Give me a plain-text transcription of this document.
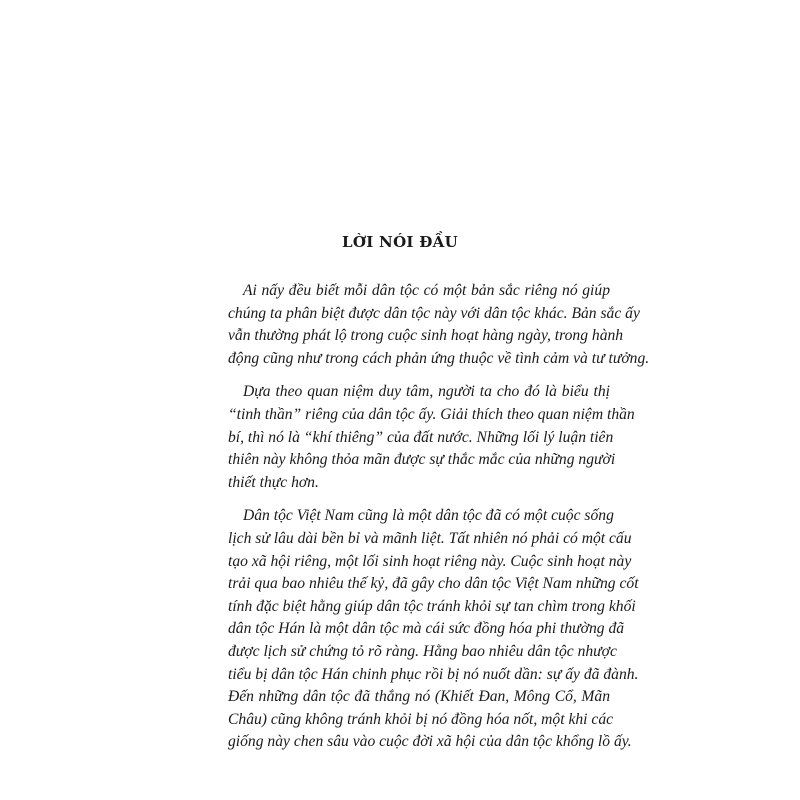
LỜI NÓI ĐẦU

Ai nấy đều biết mỗi dân tộc có một bản sắc riêng nó giúp
chúng ta phân biệt được dân tộc này với dân tộc khác. Bản sắc ấy
vẫn thường phát lộ trong cuộc sinh hoạt hàng ngày, trong hành
động cũng như trong cách phản ứng thuộc về tình cảm và tư tưởng.

Dựa theo quan niệm duy tâm, người ta cho đó là biểu thị
“tinh thần” riêng của dân tộc ấy. Giải thích theo quan niệm thần
bí, thì nó là “khí thiêng” của đất nước. Những lối lý luận tiên
thiên này không thỏa mãn được sự thắc mắc của những người
thiết thực hơn.

Dân tộc Việt Nam cũng là một dân tộc đã có một cuộc sống
lịch sử lâu dài bền bỉ và mãnh liệt. Tất nhiên nó phải có một cấu
tạo xã hội riêng, một lối sinh hoạt riêng này. Cuộc sinh hoạt này
trải qua bao nhiêu thế kỷ, đã gây cho dân tộc Việt Nam những cốt
tính đặc biệt hằng giúp dân tộc tránh khỏi sự tan chìm trong khối
dân tộc Hán là một dân tộc mà cái sức đồng hóa phi thường đã
được lịch sử chứng tỏ rõ ràng. Hằng bao nhiêu dân tộc nhược
tiểu bị dân tộc Hán chinh phục rồi bị nó nuốt dần: sự ấy đã đành.
Đến những dân tộc đã thắng nó (Khiết Đan, Mông Cổ, Mãn
Châu) cũng không tránh khỏi bị nó đồng hóa nốt, một khi các
giống này chen sâu vào cuộc đời xã hội của dân tộc khổng lồ ấy.
